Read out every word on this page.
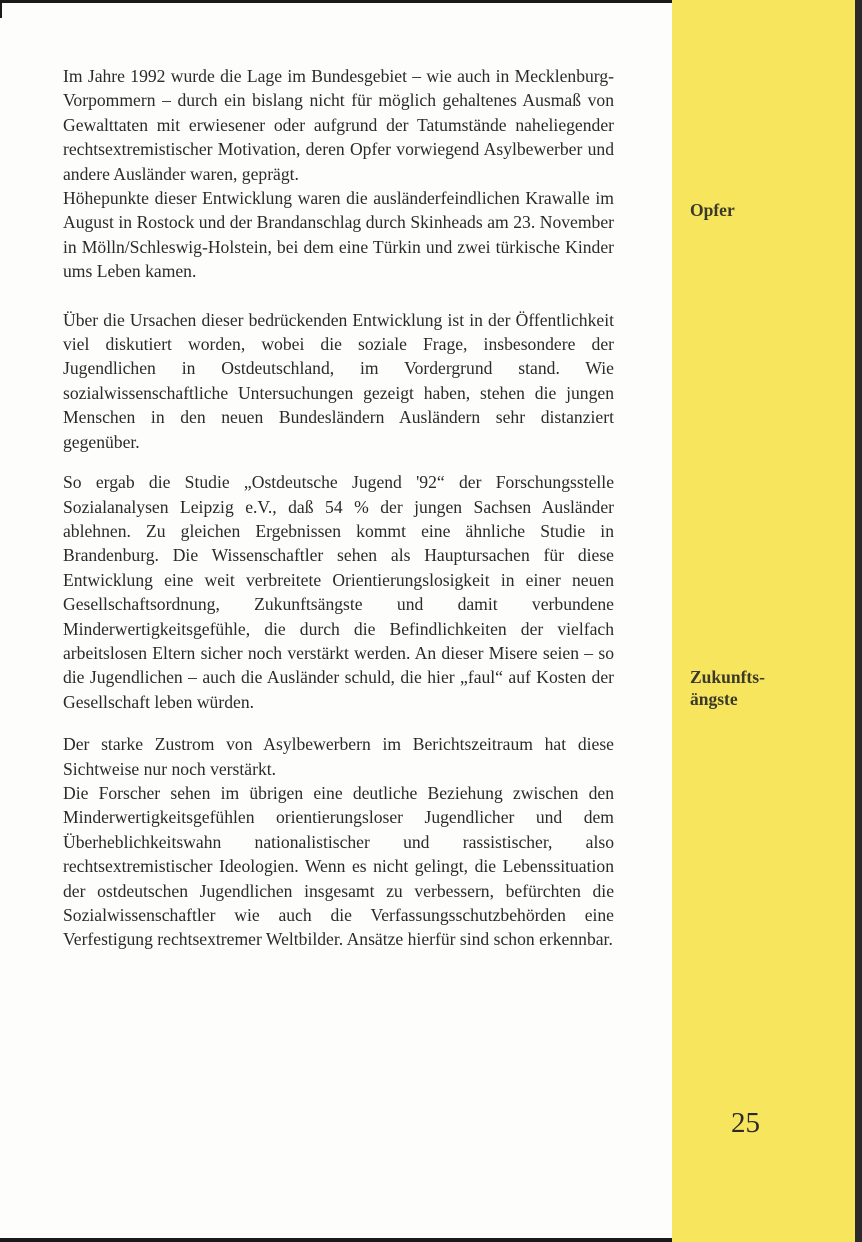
Im Jahre 1992 wurde die Lage im Bundesgebiet – wie auch in Mecklenburg-Vorpommern – durch ein bislang nicht für möglich gehaltenes Ausmaß von Gewalttaten mit erwiesener oder aufgrund der Tatumstände naheliegender rechtsextremistischer Motivation, deren Opfer vorwiegend Asylbewerber und andere Ausländer waren, geprägt.

Höhepunkte dieser Entwicklung waren die ausländerfeindlichen Krawalle im August in Rostock und der Brandanschlag durch Skinheads am 23. November in Mölln/Schleswig-Holstein, bei dem eine Türkin und zwei türkische Kinder ums Leben kamen.

Über die Ursachen dieser bedrückenden Entwicklung ist in der Öffentlichkeit viel diskutiert worden, wobei die soziale Frage, insbesondere der Jugendlichen in Ostdeutschland, im Vordergrund stand. Wie sozialwissenschaftliche Untersuchungen gezeigt haben, stehen die jungen Menschen in den neuen Bundesländern Ausländern sehr distanziert gegenüber.

So ergab die Studie „Ostdeutsche Jugend '92“ der Forschungsstelle Sozialanalysen Leipzig e.V., daß 54 % der jungen Sachsen Ausländer ablehnen. Zu gleichen Ergebnissen kommt eine ähnliche Studie in Brandenburg. Die Wissenschaftler sehen als Hauptursachen für diese Entwicklung eine weit verbreitete Orientierungslosigkeit in einer neuen Gesellschaftsordnung, Zukunftsängste und damit verbundene Minderwertigkeitsgefühle, die durch die Befindlichkeiten der vielfach arbeitslosen Eltern sicher noch verstärkt werden. An dieser Misere seien – so die Jugendlichen – auch die Ausländer schuld, die hier „faul“ auf Kosten der Gesellschaft leben würden.

Der starke Zustrom von Asylbewerbern im Berichtszeitraum hat diese Sichtweise nur noch verstärkt.

Die Forscher sehen im übrigen eine deutliche Beziehung zwischen den Minderwertigkeitsgefühlen orientierungsloser Jugendlicher und dem Überheblichkeitswahn nationalistischer und rassistischer, also rechtsextremistischer Ideologien. Wenn es nicht gelingt, die Lebenssituation der ostdeutschen Jugendlichen insgesamt zu verbessern, befürchten die Sozialwissenschaftler wie auch die Verfassungsschutzbehörden eine Verfestigung rechtsextremer Weltbilder. Ansätze hierfür sind schon erkennbar.

Opfer
Zukunfts-
ängste
25
